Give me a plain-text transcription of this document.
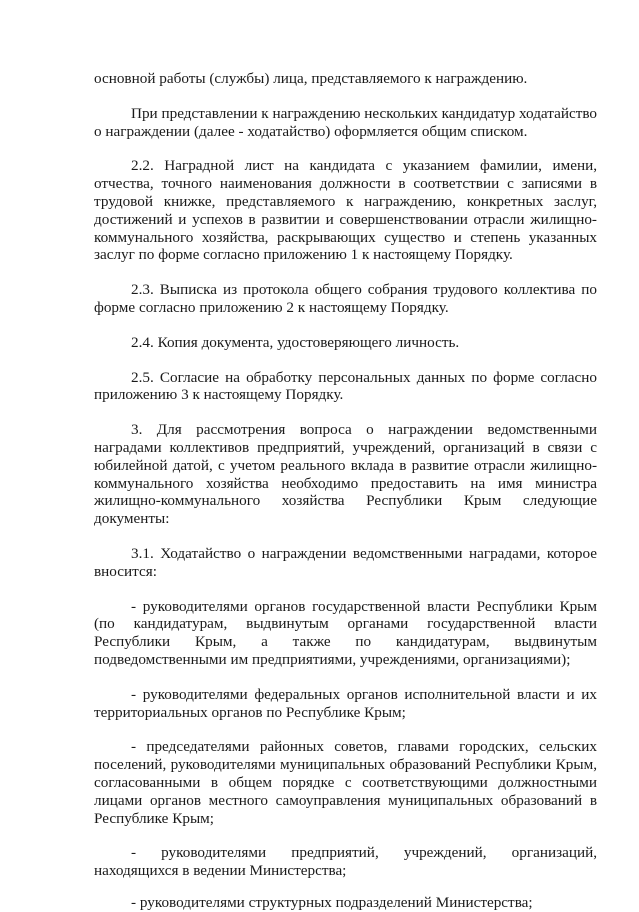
основной работы (службы) лица, представляемого к награждению.

При представлении к награждению нескольких кандидатур ходатайство о награждении (далее - ходатайство) оформляется общим списком.

2.2. Наградной лист на кандидата с указанием фамилии, имени, отчества, точного наименования должности в соответствии с записями в трудовой книжке, представляемого к награждению, конкретных заслуг, достижений и успехов в развитии и совершенствовании отрасли жилищно-коммунального хозяйства, раскрывающих существо и степень указанных заслуг по форме согласно приложению 1 к настоящему Порядку.

2.3. Выписка из протокола общего собрания трудового коллектива по форме согласно приложению 2 к настоящему Порядку.

2.4. Копия документа, удостоверяющего личность.

2.5. Согласие на обработку персональных данных по форме согласно приложению 3 к настоящему Порядку.

3. Для рассмотрения вопроса о награждении ведомственными наградами коллективов предприятий, учреждений, организаций в связи с юбилейной датой, с учетом реального вклада в развитие отрасли жилищно-коммунального хозяйства необходимо предоставить на имя министра жилищно-коммунального хозяйства Республики Крым следующие документы:

3.1. Ходатайство о награждении ведомственными наградами, которое вносится:

- руководителями органов государственной власти Республики Крым (по кандидатурам, выдвинутым органами государственной власти Республики Крым, а также по кандидатурам, выдвинутым подведомственными им предприятиями, учреждениями, организациями);

- руководителями федеральных органов исполнительной власти и их территориальных органов по Республике Крым;

- председателями районных советов, главами городских, сельских поселений, руководителями муниципальных образований Республики Крым, согласованными в общем порядке с соответствующими должностными лицами органов местного самоуправления муниципальных образований в Республике Крым;

- руководителями предприятий, учреждений, организаций, находящихся в ведении Министерства;

- руководителями структурных подразделений Министерства;
